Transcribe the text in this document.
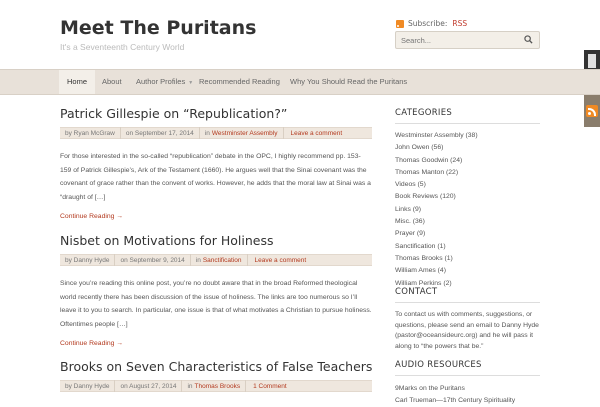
Meet The Puritans
It's a Seventeenth Century World
Subscribe: RSS
Search...
Home	About Author Profiles ▼ Recommended Reading Why You Should Read the Puritans
Patrick Gillespie on “Republication?”
by Ryan McGraw on September 17, 2014 in Westminster Assembly Leave a comment

For those interested in the so-called “republication” debate in the OPC, I highly recommend pp. 153-159 of Patrick Gillespie’s, Ark of the Testament (1660). He argues well that the Sinai covenant was the covenant of grace rather than the convent of works. However, he adds that the moral law at Sinai was a “draught of […]

Continue Reading →
Nisbet on Motivations for Holiness
by Danny Hyde on September 9, 2014 in Sanctification Leave a comment

Since you’re reading this online post, you’re no doubt aware that in the broad Reformed theological world recently there has been discussion of the issue of holiness. The links are too numerous so I’ll leave it to you to search. In particular, one issue is that of what motivates a Christian to pursue holiness. Oftentimes people […]

Continue Reading →
Brooks on Seven Characteristics of False Teachers
by Danny Hyde on August 27, 2014 in Thomas Brooks 1 Comment
CATEGORIES
Westminster Assembly (38)
John Owen (56)
Thomas Goodwin (24)
Thomas Manton (22)
Videos (5)
Book Reviews (120)
Links (9)
Misc. (36)
Prayer (9)
Sanctification (1)
Thomas Brooks (1)
William Ames (4)
William Perkins (2)
CONTACT

To contact us with comments, suggestions, or questions, please send an email to Danny Hyde (pastor@oceansideurc.org) and he will pass it along to “the powers that be.”

AUDIO RESOURCES
9Marks on the Puritans
Carl Trueman—17th Century Spirituality
